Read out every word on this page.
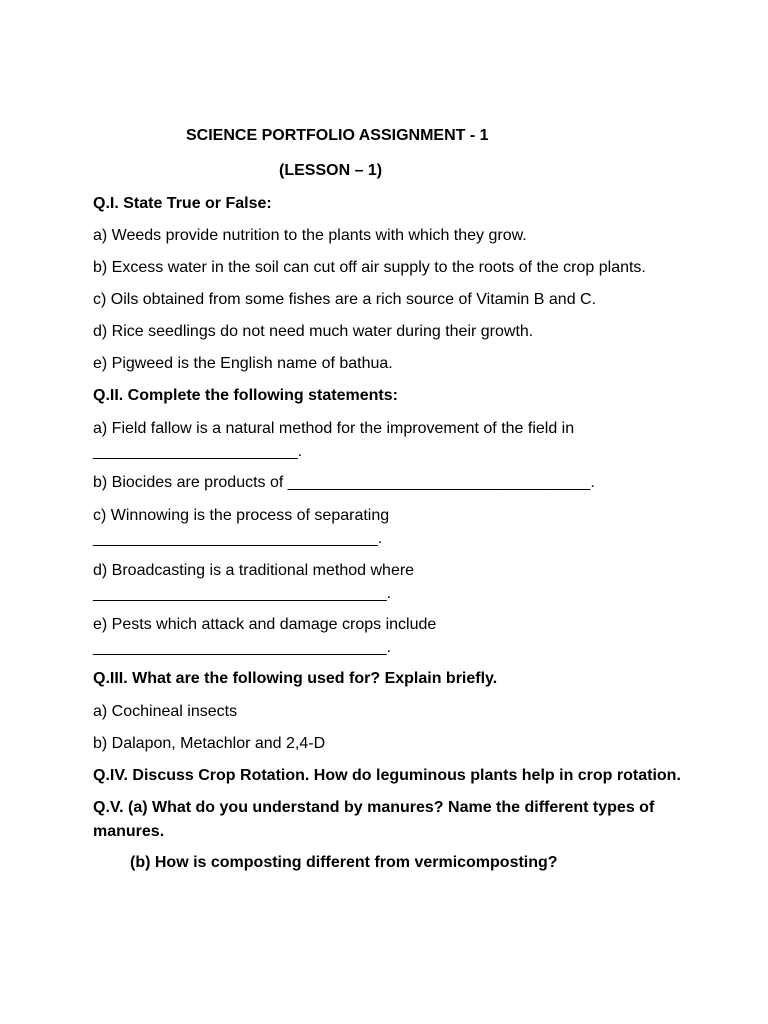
SCIENCE PORTFOLIO ASSIGNMENT - 1
(LESSON – 1)
Q.I. State True or False:
a) Weeds provide nutrition to the plants with which they grow.
b) Excess water in the soil can cut off air supply to the roots of the crop plants.
c) Oils obtained from some fishes are a rich source of Vitamin B and C.
d) Rice seedlings do not need much water during their growth.
e) Pigweed is the English name of bathua.
Q.II. Complete the following statements:
a) Field fallow is a natural method for the improvement of the field in
_______________________.
b) Biocides are products of __________________________________.
c) Winnowing is the process of separating
________________________________.
d) Broadcasting is a traditional method where
_________________________________.
e) Pests which attack and damage crops include
_________________________________.
Q.III. What are the following used for? Explain briefly.
a) Cochineal insects
b) Dalapon, Metachlor and 2,4-D
Q.IV. Discuss Crop Rotation. How do leguminous plants help in crop rotation.
Q.V. (a) What do you understand by manures? Name the different types of manures.
(b) How is composting different from vermicomposting?
